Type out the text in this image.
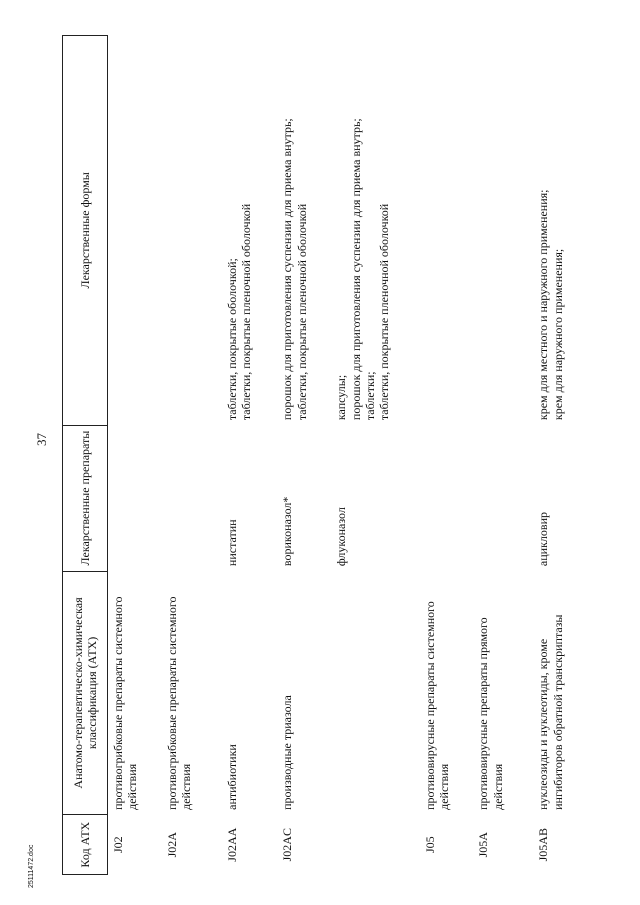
37
Код АТХ	Анатомо-терапевтическо-химическая классификация (АТХ)	Лекарственные препараты	Лекарственные формы
J02	противогрибковые препараты системного действия		
J02A	противогрибковые препараты системного действия		
J02AA	антибиотики	нистатин	таблетки, покрытые оболочкой; таблетки, покрытые пленочной оболочкой

J02AC	производные триазола	вориконазол*	порошок для приготовления суспензии для приема внутрь; таблетки, покрытые пленочной оболочкой

		флуконазол	капсулы; порошок для приготовления суспензии для приема внутрь; таблетки; таблетки, покрытые пленочной оболочкой

J05	противовирусные препараты системного действия		
J05A	противовирусные препараты прямого действия		
J05AB	нуклеозиды и нуклеотиды, кроме ингибиторов обратной транскриптазы	ацикловир	крем для местного и наружного применения; крем для наружного применения;
25111472.doc
